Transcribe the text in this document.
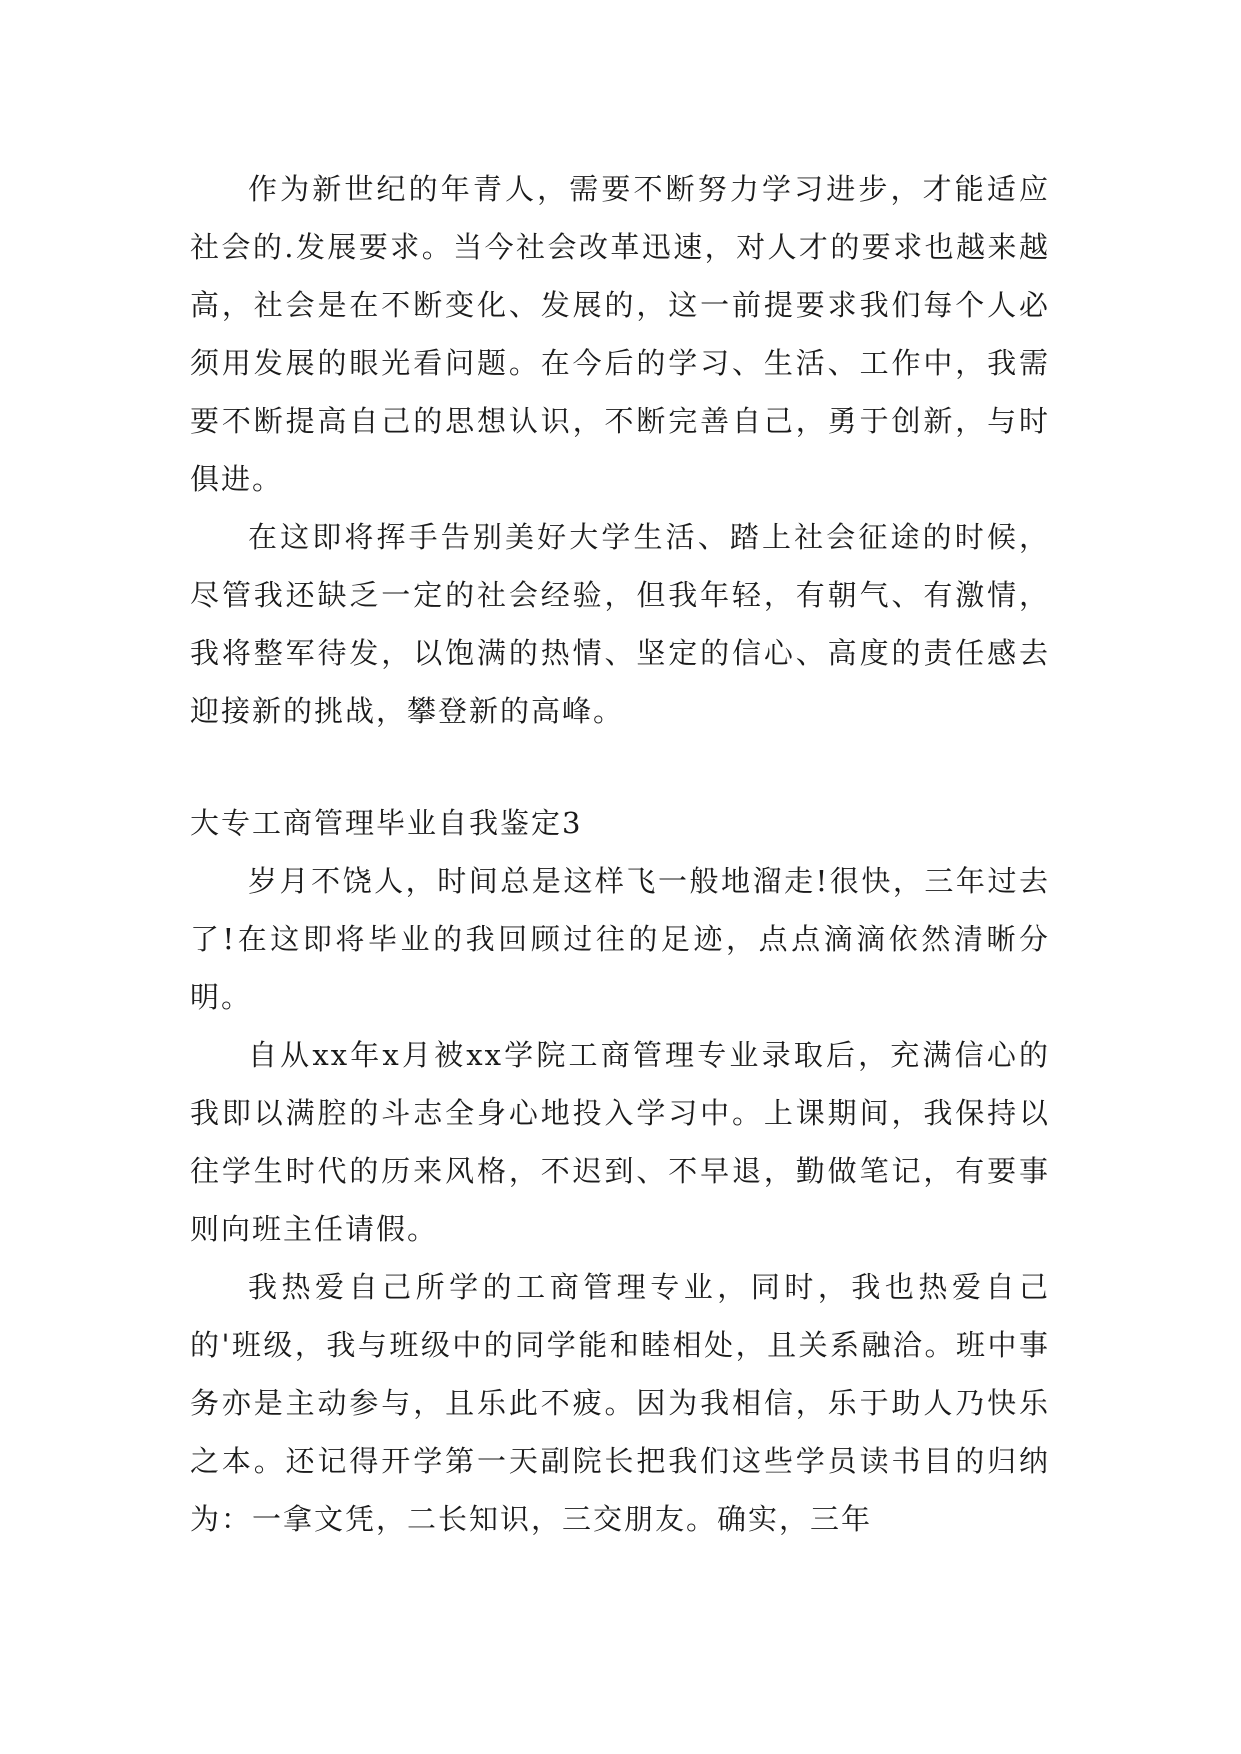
作为新世纪的年青人，需要不断努力学习进步，才能适应社会的.发展要求。当今社会改革迅速，对人才的要求也越来越高，社会是在不断变化、发展的，这一前提要求我们每个人必须用发展的眼光看问题。在今后的学习、生活、工作中，我需要不断提高自己的思想认识，不断完善自己，勇于创新，与时俱进。

在这即将挥手告别美好大学生活、踏上社会征途的时候，尽管我还缺乏一定的社会经验，但我年轻，有朝气、有激情，我将整军待发，以饱满的热情、坚定的信心、高度的责任感去迎接新的挑战，攀登新的高峰。

大专工商管理毕业自我鉴定3

岁月不饶人，时间总是这样飞一般地溜走!很快，三年过去了!在这即将毕业的我回顾过往的足迹，点点滴滴依然清晰分明。

自从xx年x月被xx学院工商管理专业录取后，充满信心的我即以满腔的斗志全身心地投入学习中。上课期间，我保持以往学生时代的历来风格，不迟到、不早退，勤做笔记，有要事则向班主任请假。

我热爱自己所学的工商管理专业，同时，我也热爱自己的'班级，我与班级中的同学能和睦相处，且关系融洽。班中事务亦是主动参与，且乐此不疲。因为我相信，乐于助人乃快乐之本。还记得开学第一天副院长把我们这些学员读书目的归纳为：一拿文凭，二长知识，三交朋友。确实，三年
